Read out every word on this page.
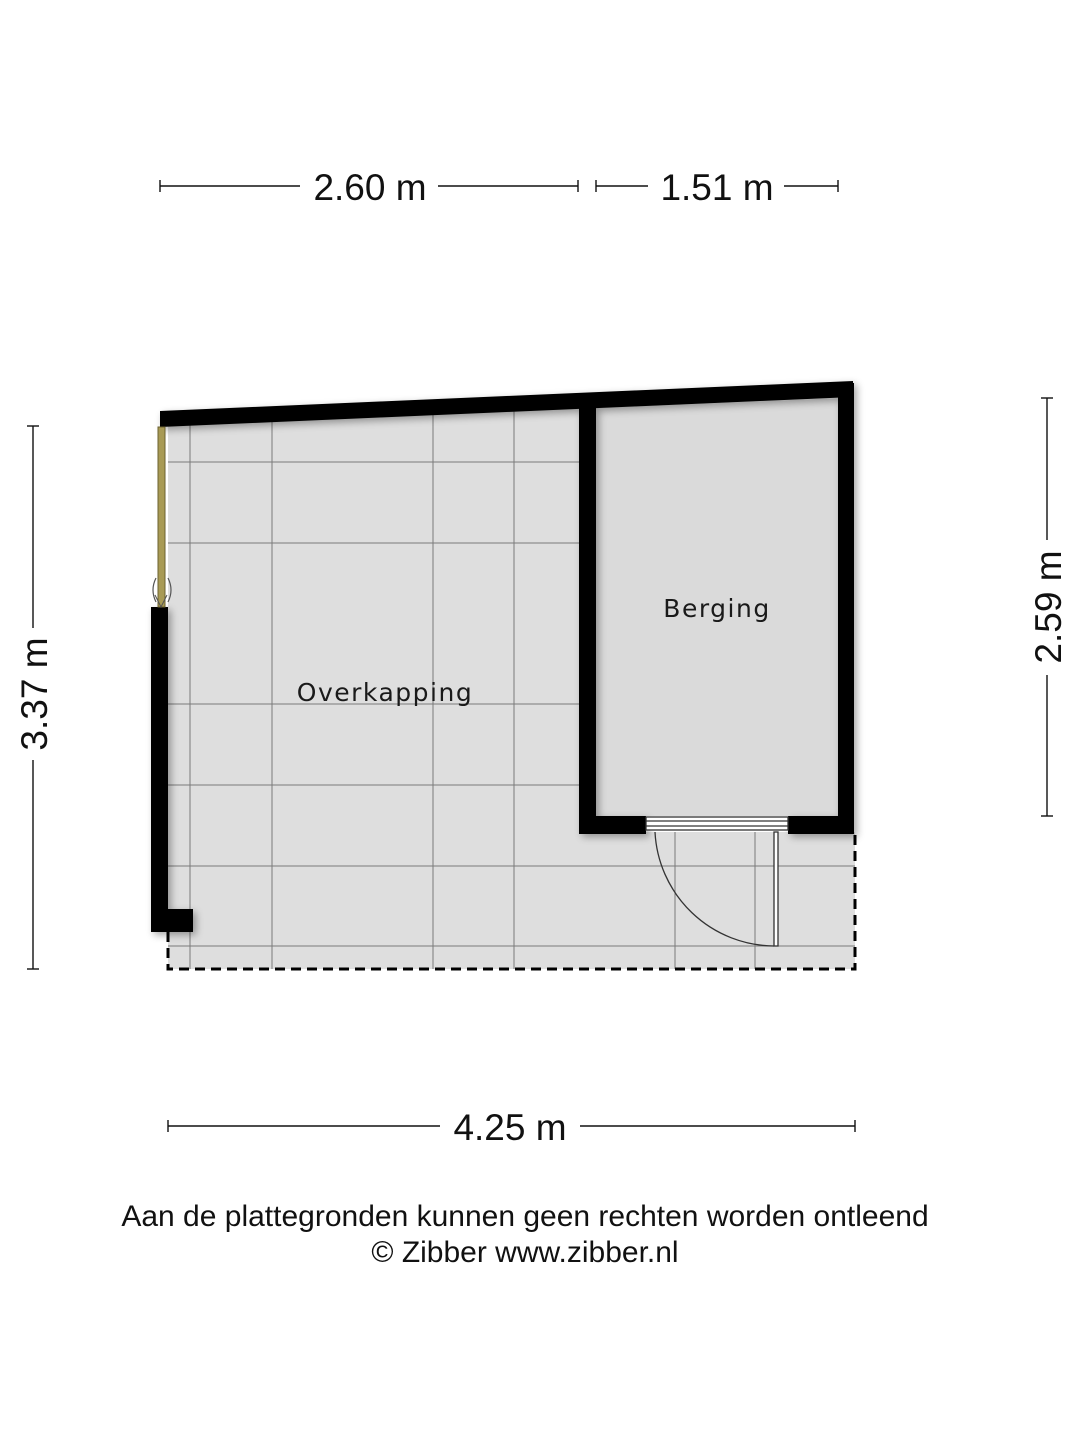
2.60 m	1.51 m
3.37 m
2.59 m
4.25 m
Overkapping
Berging
Aan de plattegronden kunnen geen rechten worden ontleend
© Zibber www.zibber.nl
